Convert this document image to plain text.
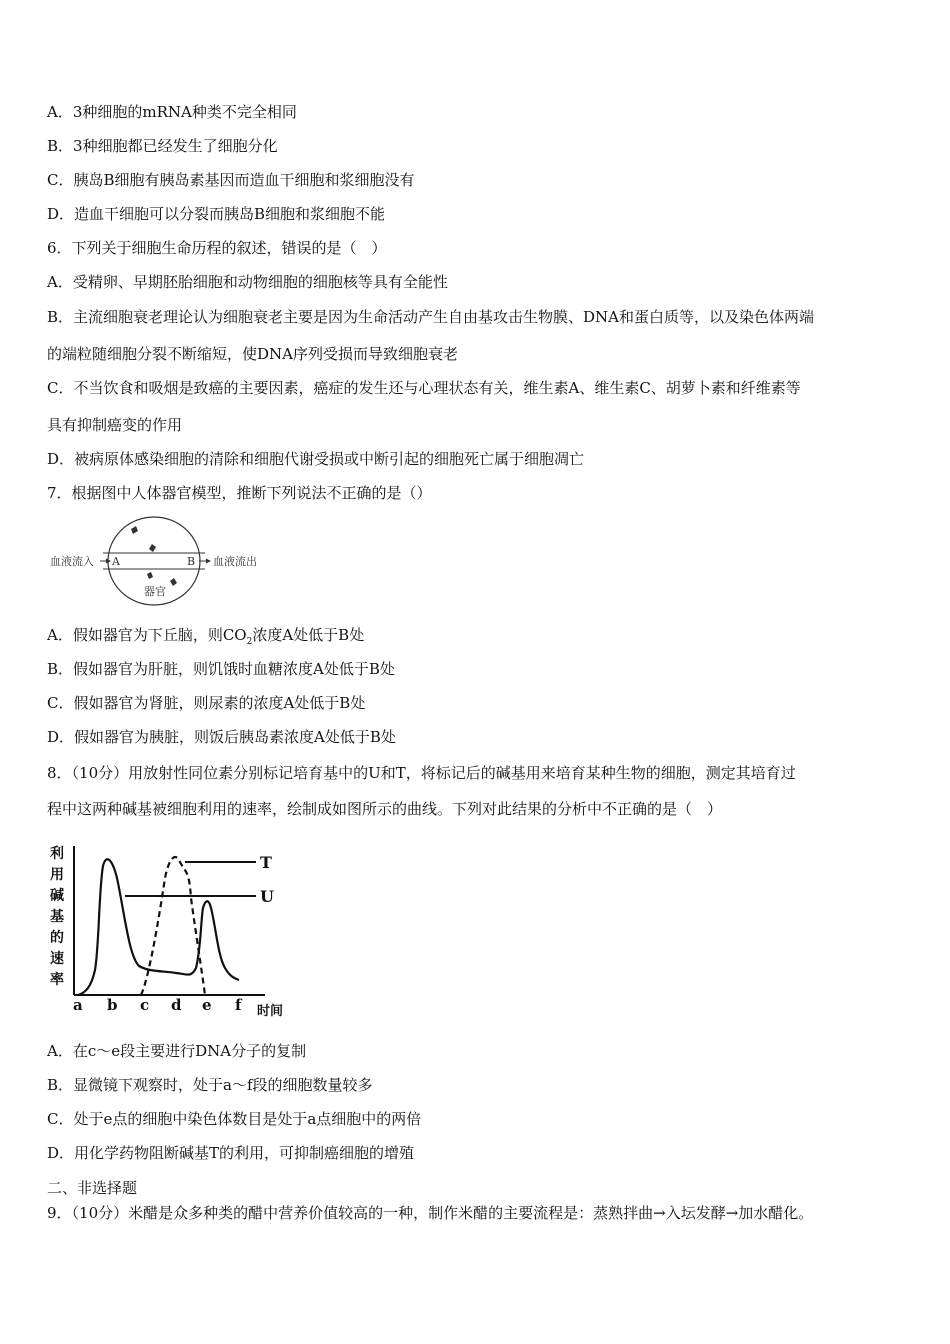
A．3种细胞的mRNA种类不完全相同
B．3种细胞都已经发生了细胞分化
C．胰岛B细胞有胰岛素基因而造血干细胞和浆细胞没有
D．造血干细胞可以分裂而胰岛B细胞和浆细胞不能
6．下列关于细胞生命历程的叙述，错误的是（　）
A．受精卵、早期胚胎细胞和动物细胞的细胞核等具有全能性
B．主流细胞衰老理论认为细胞衰老主要是因为生命活动产生自由基攻击生物膜、DNA和蛋白质等，以及染色体两端
的端粒随细胞分裂不断缩短，使DNA序列受损而导致细胞衰老
C．不当饮食和吸烟是致癌的主要因素，癌症的发生还与心理状态有关，维生素A、维生素C、胡萝卜素和纤维素等
具有抑制癌变的作用
D．被病原体感染细胞的清除和细胞代谢受损或中断引起的细胞死亡属于细胞凋亡
7．根据图中人体器官模型，推断下列说法不正确的是（）
血液流入 A	B 血液流出
器官
A．假如器官为下丘脑，则$CO_2$浓度A处低于B处
B．假如器官为肝脏，则饥饿时血糖浓度A处低于B处
C．假如器官为肾脏，则尿素的浓度A处低于B处
D．假如器官为胰脏，则饭后胰岛素浓度A处低于B处
8．（10分）用放射性同位素分别标记培育基中的U和T，将标记后的碱基用来培育某种生物的细胞，测定其培育过
程中这两种碱基被细胞利用的速率，绘制成如图所示的曲线。下列对此结果的分析中不正确的是（　）
T
U
利
用
碱
基
的
速
率
a b c d e f 时间
A．在c～e段主要进行DNA分子的复制
B．显微镜下观察时，处于a～f段的细胞数量较多
C．处于e点的细胞中染色体数目是处于a点细胞中的两倍
D．用化学药物阻断碱基T的利用，可抑制癌细胞的增殖
二、非选择题
9．（10分）米醋是众多种类的醋中营养价值较高的一种，制作米醋的主要流程是：蒸熟拌曲→入坛发酵→加水醋化。
